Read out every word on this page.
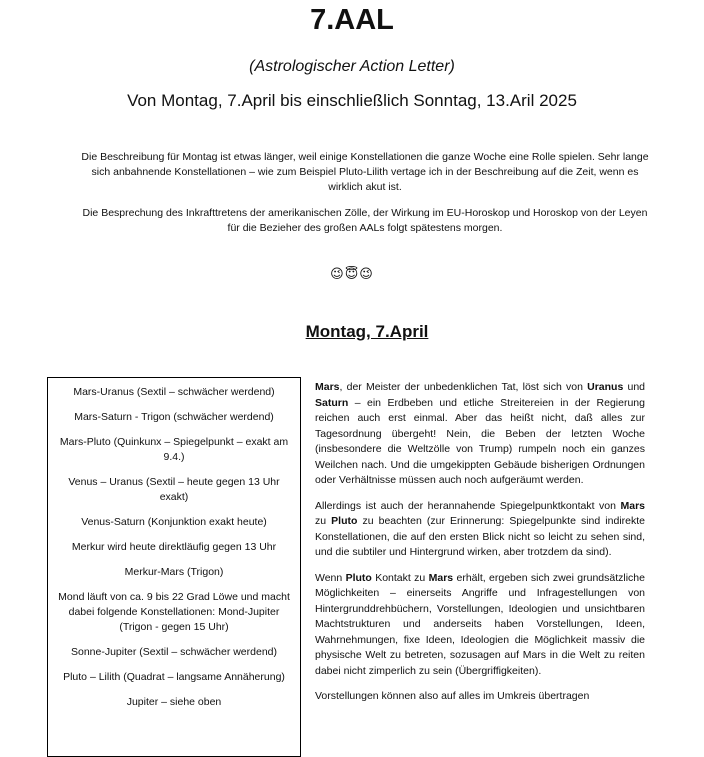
7.AAL
(Astrologischer Action Letter)
Von Montag, 7.April bis einschließlich Sonntag, 13.Aril 2025
Die Beschreibung für Montag ist etwas länger, weil einige Konstellationen die ganze Woche eine Rolle spielen. Sehr lange sich anbahnende Konstellationen – wie zum Beispiel Pluto-Lilith vertage ich in der Beschreibung auf die Zeit, wenn es wirklich akut ist.
Die Besprechung des Inkrafttretens der amerikanischen Zölle, der Wirkung im EU-Horoskop und Horoskop von der Leyen für die Bezieher des großen AALs folgt spätestens morgen.
😉😇😉
Montag, 7.April
Mars-Uranus (Sextil – schwächer werdend)
Mars-Saturn - Trigon (schwächer werdend)
Mars-Pluto (Quinkunx – Spiegelpunkt – exakt am 9.4.)
Venus – Uranus (Sextil – heute gegen 13 Uhr exakt)
Venus-Saturn (Konjunktion exakt heute)
Merkur wird heute direktläufig gegen 13 Uhr
Merkur-Mars (Trigon)
Mond läuft von ca. 9 bis 22 Grad Löwe und macht dabei folgende Konstellationen: Mond-Jupiter (Trigon - gegen 15 Uhr)
Sonne-Jupiter (Sextil – schwächer werdend)
Pluto – Lilith (Quadrat – langsame Annäherung)
Jupiter – siehe oben

Mars, der Meister der unbedenklichen Tat, löst sich von Uranus und Saturn – ein Erdbeben und etliche Streitereien in der Regierung reichen auch erst einmal. Aber das heißt nicht, daß alles zur Tagesordnung übergeht! Nein, die Beben der letzten Woche (insbesondere die Weltzölle von Trump) rumpeln noch ein ganzes Weilchen nach. Und die umgekippten Gebäude bisherigen Ordnungen oder Verhältnisse müssen auch noch aufgeräumt werden.

Allerdings ist auch der herannahende Spiegelpunktkontakt von Mars zu Pluto zu beachten (zur Erinnerung: Spiegelpunkte sind indirekte Konstellationen, die auf den ersten Blick nicht so leicht zu sehen sind, und die subtiler und Hintergrund wirken, aber trotzdem da sind).

Wenn Pluto Kontakt zu Mars erhält, ergeben sich zwei grundsätzliche Möglichkeiten – einerseits Angriffe und Infragestellungen von Hintergrunddrehbüchern, Vorstellungen, Ideologien und unsichtbaren Machtstrukturen und anderseits haben Vorstellungen, Ideen, Wahrnehmungen, fixe Ideen, Ideologien die Möglichkeit massiv die physische Welt zu betreten, sozusagen auf Mars in die Welt zu reiten dabei nicht zimperlich zu sein (Übergriffigkeiten).

Vorstellungen können also auf alles im Umkreis übertragen
